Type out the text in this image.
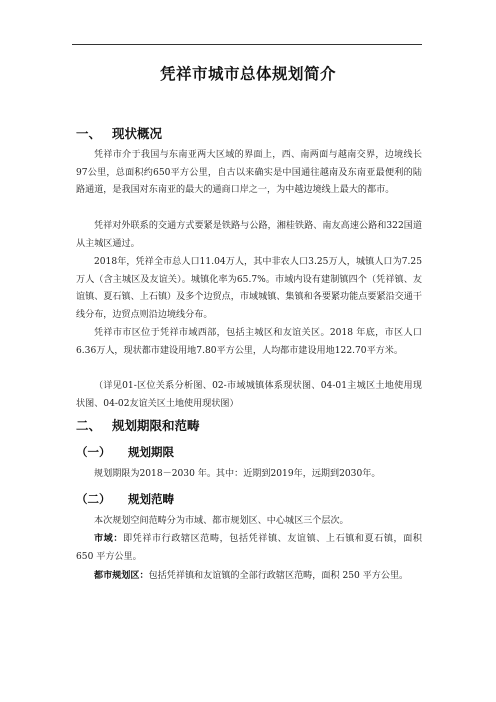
凭祥市城市总体规划简介
一、 现状概况

凭祥市介于我国与东南亚两大区域的界面上，西、南两面与越南交界，边境线长97公里，总面积约650平方公里，自古以来确实是中国通往越南及东南亚最便利的陆路通道，是我国对东南亚的最大的通商口岸之一，为中越边境线上最大的都市。

凭祥对外联系的交通方式要紧是铁路与公路，湘桂铁路、南友高速公路和322国道从主城区通过。

2018年，凭祥全市总人口11.04万人，其中非农人口3.25万人，城镇人口为7.25万人（含主城区及友谊关）。城镇化率为65.7%。市域内设有建制镇四个（凭祥镇、友谊镇、夏石镇、上石镇）及多个边贸点，市域城镇、集镇和各要紧功能点要紧沿交通干线分布，边贸点则沿边境线分布。

凭祥市市区位于凭祥市域西部，包括主城区和友谊关区。2018 年底，市区人口6.36万人，现状都市建设用地7.80平方公里，人均都市建设用地122.70平方米。

（详见01-区位关系分析图、02-市域城镇体系现状图、04-01主城区土地使用现状图、04-02友谊关区土地使用现状图）

二、 规划期限和范畴
（一） 规划期限

规划期限为2018－2030 年。其中：近期到2019年，远期到2030年。

（二） 规划范畴

本次规划空间范畴分为市域、都市规划区、中心城区三个层次。

市域：即凭祥市行政辖区范畴，包括凭祥镇、友谊镇、上石镇和夏石镇，面积 650 平方公里。

都市规划区：包括凭祥镇和友谊镇的全部行政辖区范畴，面积 250 平方公里。
